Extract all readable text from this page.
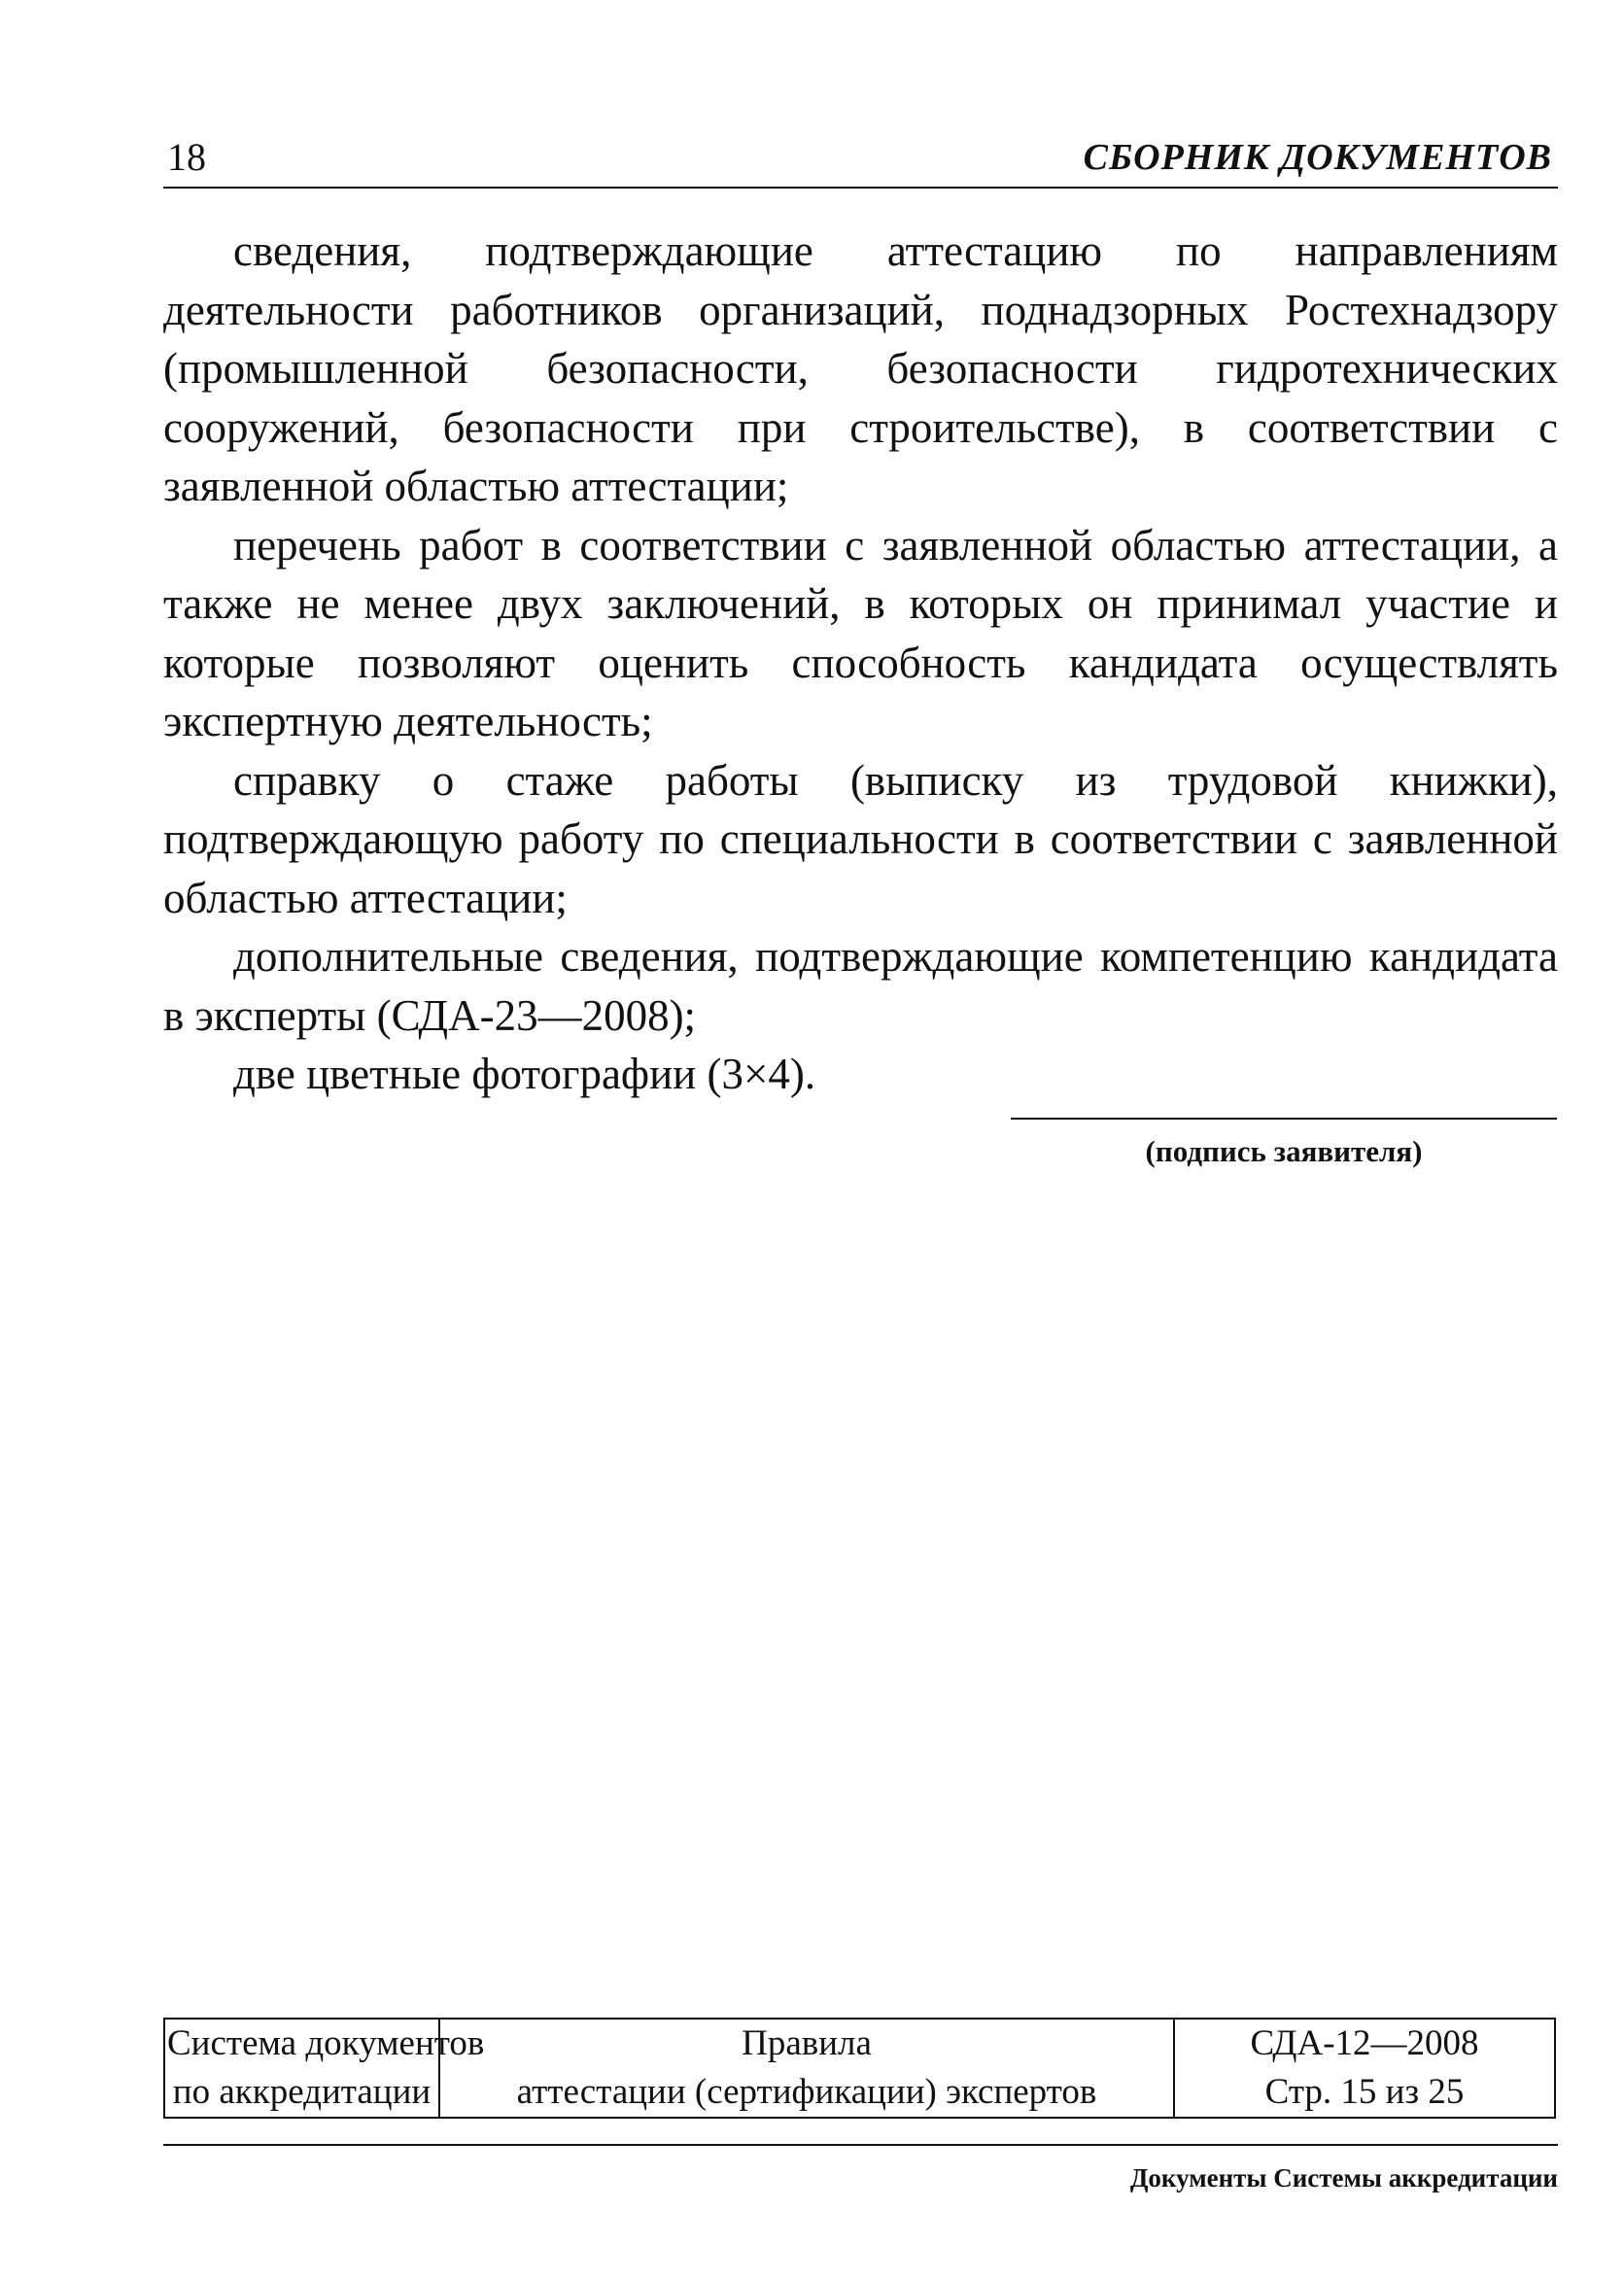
18	СБОРНИК ДОКУМЕНТОВ

сведения, подтверждающие аттестацию по направлениям деятельности работников организаций, поднадзорных Ростехнадзору (промышленной безопасности, безопасности гидротехнических сооружений, безопасности при строительстве), в соответствии с заявленной областью аттестации;

перечень работ в соответствии с заявленной областью аттестации, а также не менее двух заключений, в которых он принимал участие и которые позволяют оценить способность кандидата осуществлять экспертную деятельность;

справку о стаже работы (выписку из трудовой книжки), подтверждающую работу по специальности в соответствии с заявленной областью аттестации;

дополнительные сведения, подтверждающие компетенцию кандидата в эксперты (СДА-23—2008);

две цветные фотографии (3×4).

(подпись заявителя)
Система документов
по аккредитации

Правила
аттестации (сертификации) экспертов

СДА-12—2008
Стр. 15 из 25
Документы Системы аккредитации
